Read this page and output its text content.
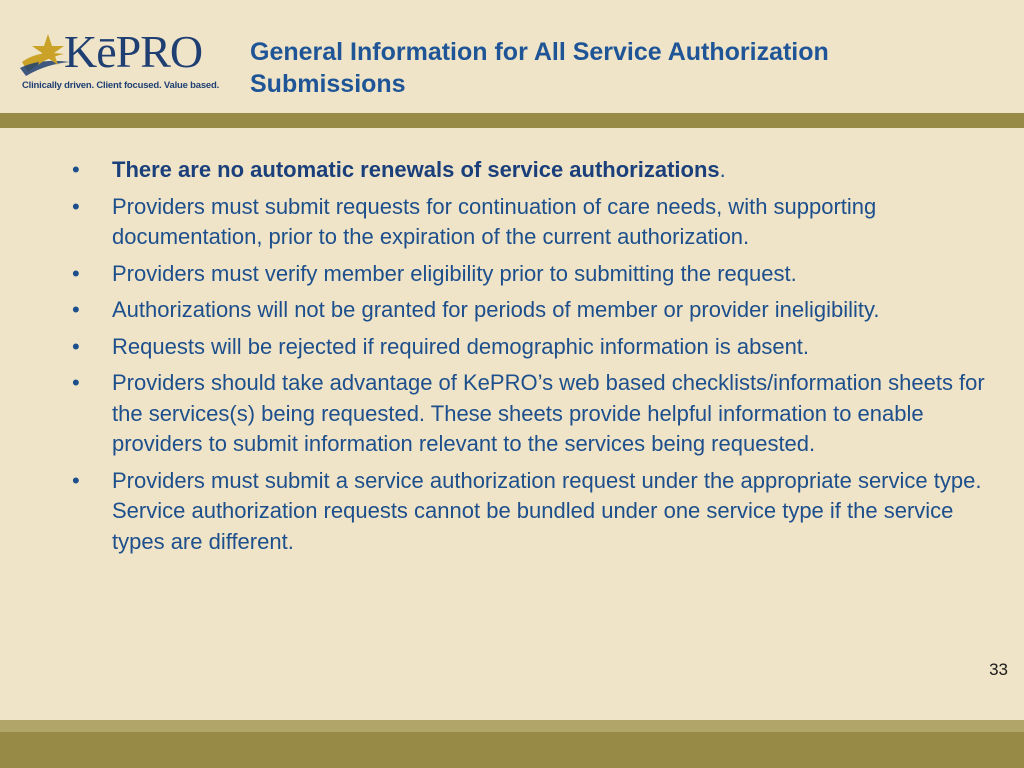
KēPRO
Clinically driven. Client focused. Value based.
General Information for All Service Authorization Submissions
• There are no automatic renewals of service authorizations.
• Providers must submit requests for continuation of care needs, with supporting documentation, prior to the expiration of the current authorization.
• Providers must verify member eligibility prior to submitting the request.
• Authorizations will not be granted for periods of member or provider ineligibility.
• Requests will be rejected if required demographic information is absent.
• Providers should take advantage of KePRO’s web based checklists/information sheets for the services(s) being requested. These sheets provide helpful information to enable providers to submit information relevant to the services being requested.
• Providers must submit a service authorization request under the appropriate service type. Service authorization requests cannot be bundled under one service type if the service types are different.
33
